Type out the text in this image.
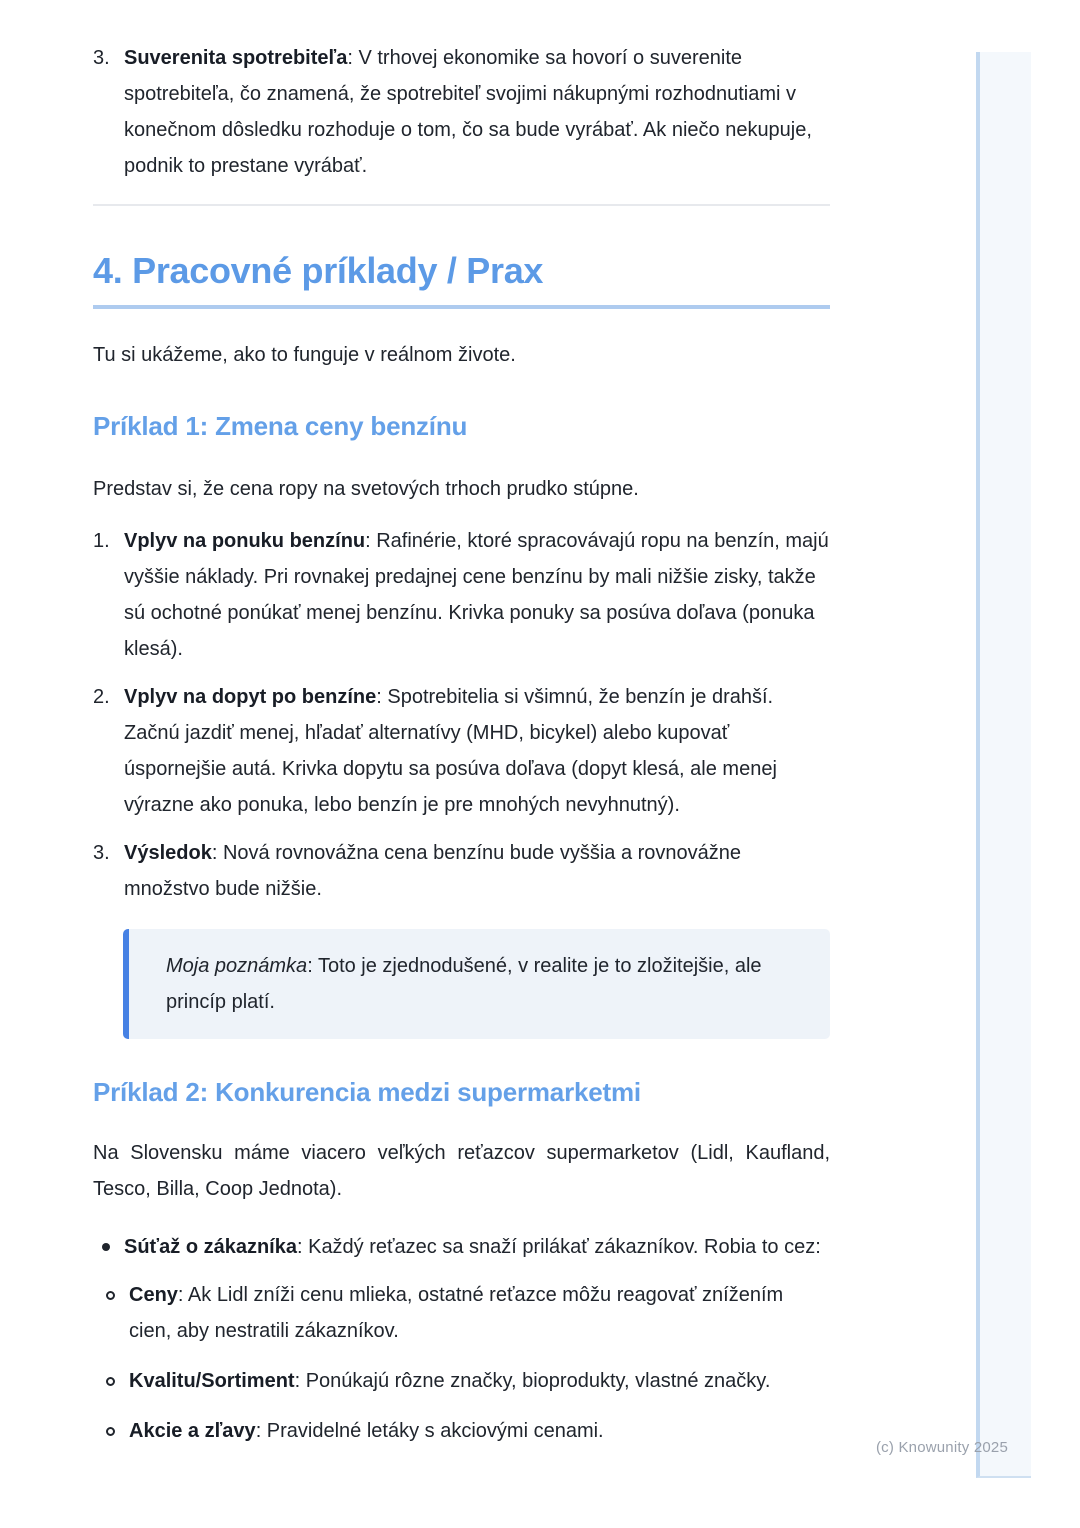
3. Suverenita spotrebiteľa: V trhovej ekonomike sa hovorí o suverenite spotrebiteľa, čo znamená, že spotrebiteľ svojimi nákupnými rozhodnutiami v konečnom dôsledku rozhoduje o tom, čo sa bude vyrábať. Ak niečo nekupuje, podnik to prestane vyrábať.
4. Pracovné príklady / Prax

Tu si ukážeme, ako to funguje v reálnom živote.

Príklad 1: Zmena ceny benzínu

Predstav si, že cena ropy na svetových trhoch prudko stúpne.

1. Vplyv na ponuku benzínu: Rafinérie, ktoré spracovávajú ropu na benzín, majú vyššie náklady. Pri rovnakej predajnej cene benzínu by mali nižšie zisky, takže sú ochotné ponúkať menej benzínu. Krivka ponuky sa posúva doľava (ponuka klesá).
2. Vplyv na dopyt po benzíne: Spotrebitelia si všimnú, že benzín je drahší. Začnú jazdiť menej, hľadať alternatívy (MHD, bicykel) alebo kupovať úspornejšie autá. Krivka dopytu sa posúva doľava (dopyt klesá, ale menej výrazne ako ponuka, lebo benzín je pre mnohých nevyhnutný).
3. Výsledok: Nová rovnovážna cena benzínu bude vyššia a rovnovážne množstvo bude nižšie.
Moja poznámka: Toto je zjednodušené, v realite je to zložitejšie, ale princíp platí.
Príklad 2: Konkurencia medzi supermarketmi

Na Slovensku máme viacero veľkých reťazcov supermarketov (Lidl, Kaufland, Tesco, Billa, Coop Jednota).

Súťaž o zákazníka: Každý reťazec sa snaží prilákať zákazníkov. Robia to cez:
Ceny: Ak Lidl zníži cenu mlieka, ostatné reťazce môžu reagovať znížením cien, aby nestratili zákazníkov.
Kvalitu/Sortiment: Ponúkajú rôzne značky, bioprodukty, vlastné značky.
Akcie a zľavy: Pravidelné letáky s akciovými cenami.
(c) Knowunity 2025
